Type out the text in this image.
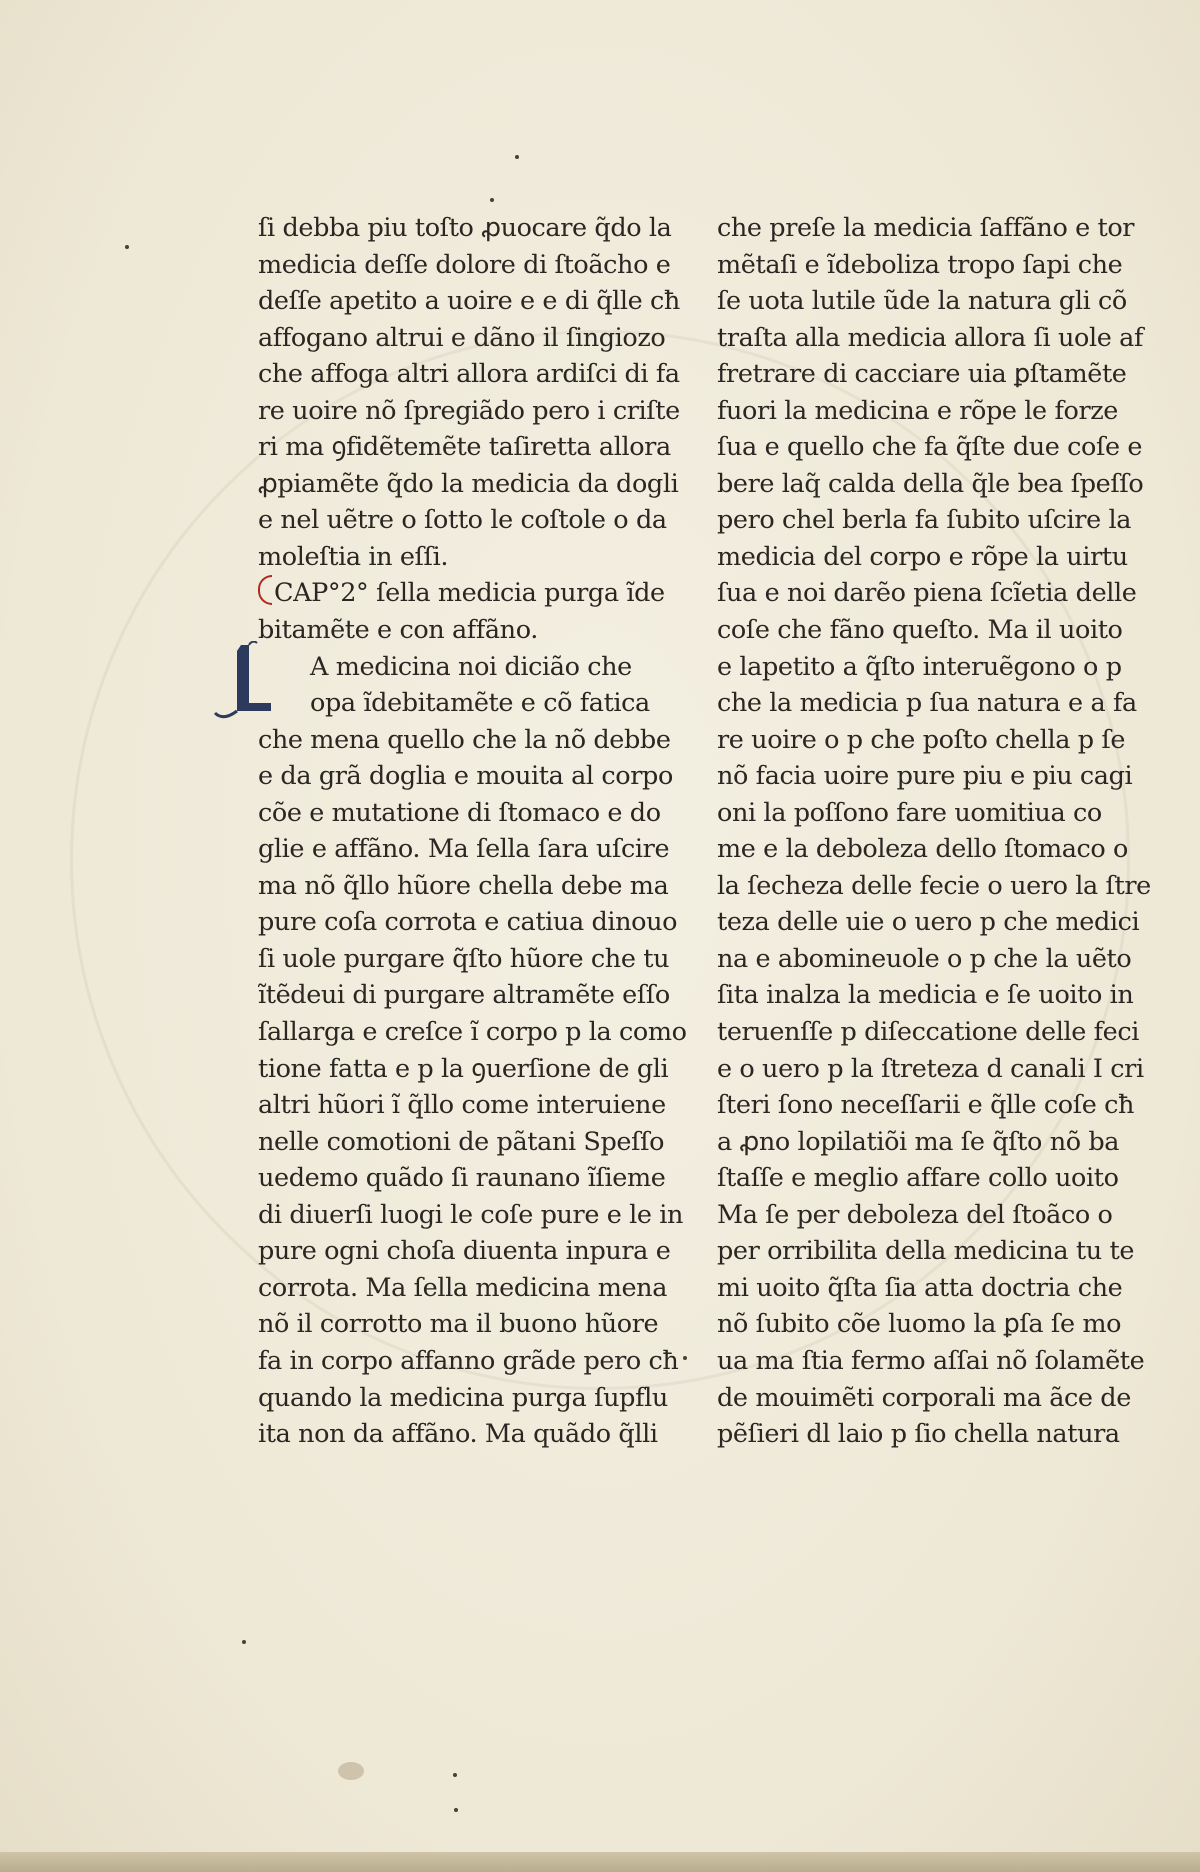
ſi debba piu toſto ꝓuocare q̃do la
medicia deſſe dolore di ſtoãcho e
deſſe apetito a uoire e e di q̃lle cħ
affogano altrui e dãno il ſingiozo
che affoga altri allora ardiſci di fa
re uoire nõ ſpregiãdo pero i criſte
ri ma ꝯfidẽtemẽte taſiretta allora
ꝓpiamẽte q̃do la medicia da dogli
e nel uẽtre o ſotto le coſtole o da
moleſtia in eſſi.
CAP°2° ſella medicia purga ĩde
bitamẽte e con affãno.
A medicina noi dicião che
opa ĩdebitamẽte e cõ fatica
che mena quello che la nõ debbe
e da grã doglia e mouita al corpo
cõe e mutatione di ſtomaco e do
glie e affãno. Ma ſella ſara uſcire
ma nõ q̃llo hũore chella debe ma
pure coſa corrota e catiua dinouo
ſi uole purgare q̃ſto hũore che tu
ĩtẽdeui di purgare altramẽte eſſo
ſallarga e creſce ĩ corpo p la como
tione fatta e p la ꝯuerſione de gli
altri hũori ĩ q̃llo come interuiene
nelle comotioni de pãtani Speſſo
uedemo quãdo ſi raunano ĩſieme
di diuerſi luogi le coſe pure e le in
pure ogni choſa diuenta inpura e
corrota. Ma ſella medicina mena
nõ il corrotto ma il buono hũore
fa in corpo affanno grãde pero cħ
quando la medicina purga ſupflu
ita non da affãno. Ma quãdo q̃lli
L
che preſe la medicia ſaffãno e tor
mẽtaſi e ĩdeboliza tropo ſapi che
ſe uota lutile ũde la natura gli cõ
traſta alla medicia allora ſi uole af
fretrare di cacciare uia ꝑſtamẽte
fuori la medicina e rõpe le forze
ſua e quello che fa q̃ſte due coſe e
bere laq̃ calda della q̃le bea ſpeſſo
pero chel berla fa ſubito uſcire la
medicia del corpo e rõpe la uirtu
ſua e noi darẽo piena ſcĩetia delle
coſe che fãno queſto. Ma il uoito
e lapetito a q̃ſto interuẽgono o p
che la medicia p ſua natura e a fa
re uoire o p che poſto chella p ſe
nõ facia uoire pure piu e piu cagi
oni la poſſono fare uomitiua co
me e la deboleza dello ſtomaco o
la ſecheza delle fecie o uero la ſtre
teza delle uie o uero p che medici
na e abomineuole o p che la uẽto
ſita inalza la medicia e ſe uoito in
teruenſſe p diſeccatione delle feci
e o uero p la ſtreteza d canali I cri
ſteri ſono neceſſarii e q̃lle coſe cħ
a ꝓno lopilatiõi ma ſe q̃ſto nõ ba
ſtaſſe e meglio affare collo uoito
Ma ſe per deboleza del ſtoãco o
per orribilita della medicina tu te
mi uoito q̃ſta ſia atta doctria che
nõ ſubito cõe luomo la ꝑſa ſe mo
ua ma ſtia fermo aſſai nõ ſolamẽte
de mouimẽti corporali ma ãce de
pẽſieri dl laio p ſio chella natura
